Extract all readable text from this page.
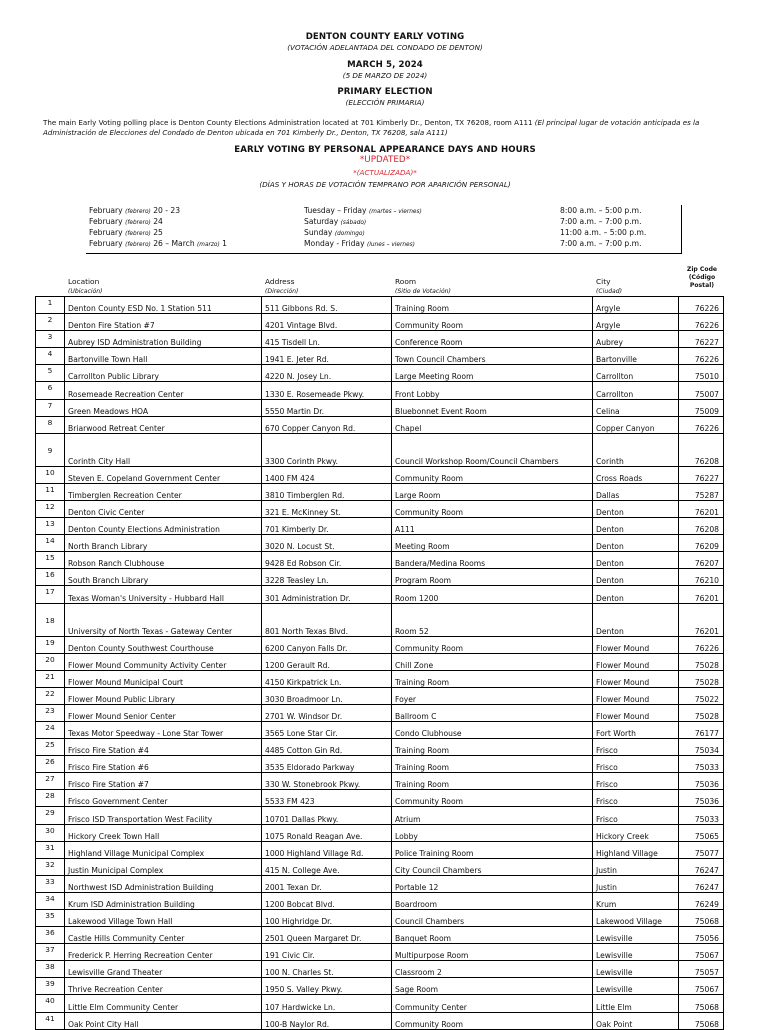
DENTON COUNTY EARLY VOTING
(VOTACIÓN ADELANTADA DEL CONDADO DE DENTON)
MARCH 5, 2024
(5 DE MARZO DE 2024)
PRIMARY ELECTION
(ELECCIÓN PRIMARIA)
The main Early Voting polling place is Denton County Elections Administration located at 701 Kimberly Dr., Denton, TX 76208, room A111 (El principal lugar de votación anticipada es la Administración de Elecciones del Condado de Denton ubicada en 701 Kimberly Dr., Denton, TX 76208, sala A111)
EARLY VOTING BY PERSONAL APPEARANCE DAYS AND HOURS
*UPDATED*
*(ACTUALIZADA)*
(DÍAS Y HORAS DE VOTACIÓN TEMPRANO POR APARICIÓN PERSONAL)
February (febrero) 20 - 23	Tuesday – Friday (martes – viernes)	8:00 a.m. – 5:00 p.m.
February (febrero) 24	Saturday (sábado)	7:00 a.m. – 7:00 p.m.
February (febrero) 25	Sunday (domingo)	11:00 a.m. – 5:00 p.m.
February (febrero) 26 – March (marzo) 1	Monday - Friday (lunes – viernes)	7:00 a.m. – 7:00 p.m.
Location
(Ubicación)
Address
(Dirección)
Room
(Sitio de Votación)
City
(Ciudad)
Zip Code
(Código Postal)
1	Denton County ESD No. 1 Station 511	511 Gibbons Rd. S.	Training Room	Argyle	76226
2	Denton Fire Station #7	4201 Vintage Blvd.	Community Room	Argyle	76226
3	Aubrey ISD Administration Building	415 Tisdell Ln.	Conference Room	Aubrey	76227
4	Bartonville Town Hall	1941 E. Jeter Rd.	Town Council Chambers	Bartonville	76226
5	Carrollton Public Library	4220 N. Josey Ln.	Large Meeting Room	Carrollton	75010
6	Rosemeade Recreation Center	1330 E. Rosemeade Pkwy.	Front Lobby	Carrollton	75007
7	Green Meadows HOA	5550 Martin Dr.	Bluebonnet Event Room	Celina	75009
8	Briarwood Retreat Center	670 Copper Canyon Rd.	Chapel	Copper Canyon	76226
9	Corinth City Hall	3300 Corinth Pkwy.	Council Workshop Room/Council Chambers	Corinth	76208
10	Steven E. Copeland Government Center	1400 FM 424	Community Room	Cross Roads	76227
11	Timberglen Recreation Center	3810 Timberglen Rd.	Large Room	Dallas	75287
12	Denton Civic Center	321 E. McKinney St.	Community Room	Denton	76201
13	Denton County Elections Administration	701 Kimberly Dr.	A111	Denton	76208
14	North Branch Library	3020 N. Locust St.	Meeting Room	Denton	76209
15	Robson Ranch Clubhouse	9428 Ed Robson Cir.	Bandera/Medina Rooms	Denton	76207
16	South Branch Library	3228 Teasley Ln.	Program Room	Denton	76210
17	Texas Woman's University - Hubbard Hall	301 Administration Dr.	Room 1200	Denton	76201
18	University of North Texas - Gateway Center	801 North Texas Blvd.	Room 52	Denton	76201
19	Denton County Southwest Courthouse	6200 Canyon Falls Dr.	Community Room	Flower Mound	76226
20	Flower Mound Community Activity Center	1200 Gerault Rd.	Chill Zone	Flower Mound	75028
21	Flower Mound Municipal Court	4150 Kirkpatrick Ln.	Training Room	Flower Mound	75028
22	Flower Mound Public Library	3030 Broadmoor Ln.	Foyer	Flower Mound	75022
23	Flower Mound Senior Center	2701 W. Windsor Dr.	Ballroom C	Flower Mound	75028
24	Texas Motor Speedway - Lone Star Tower	3565 Lone Star Cir.	Condo Clubhouse	Fort Worth	76177
25	Frisco Fire Station #4	4485 Cotton Gin Rd.	Training Room	Frisco	75034
26	Frisco Fire Station #6	3535 Eldorado Parkway	Training Room	Frisco	75033
27	Frisco Fire Station #7	330 W. Stonebrook Pkwy.	Training Room	Frisco	75036
28	Frisco Government Center	5533 FM 423	Community Room	Frisco	75036
29	Frisco ISD Transportation West Facility	10701 Dallas Pkwy.	Atrium	Frisco	75033
30	Hickory Creek Town Hall	1075 Ronald Reagan Ave.	Lobby	Hickory Creek	75065
31	Highland Village Municipal Complex	1000 Highland Village Rd.	Police Training Room	Highland Village	75077
32	Justin Municipal Complex	415 N. College Ave.	City Council Chambers	Justin	76247
33	Northwest ISD Administration Building	2001 Texan Dr.	Portable 12	Justin	76247
34	Krum ISD Administration Building	1200 Bobcat Blvd.	Boardroom	Krum	76249
35	Lakewood Village Town Hall	100 Highridge Dr.	Council Chambers	Lakewood Village	75068
36	Castle Hills Community Center	2501 Queen Margaret Dr.	Banquet Room	Lewisville	75056
37	Frederick P. Herring Recreation Center	191 Civic Cir.	Multipurpose Room	Lewisville	75067
38	Lewisville Grand Theater	100 N. Charles St.	Classroom 2	Lewisville	75057
39	Thrive Recreation Center	1950 S. Valley Pkwy.	Sage Room	Lewisville	75067
40	Little Elm Community Center	107 Hardwicke Ln.	Community Center	Little Elm	75068
41	Oak Point City Hall	100-B Naylor Rd.	Community Room	Oak Point	75068
